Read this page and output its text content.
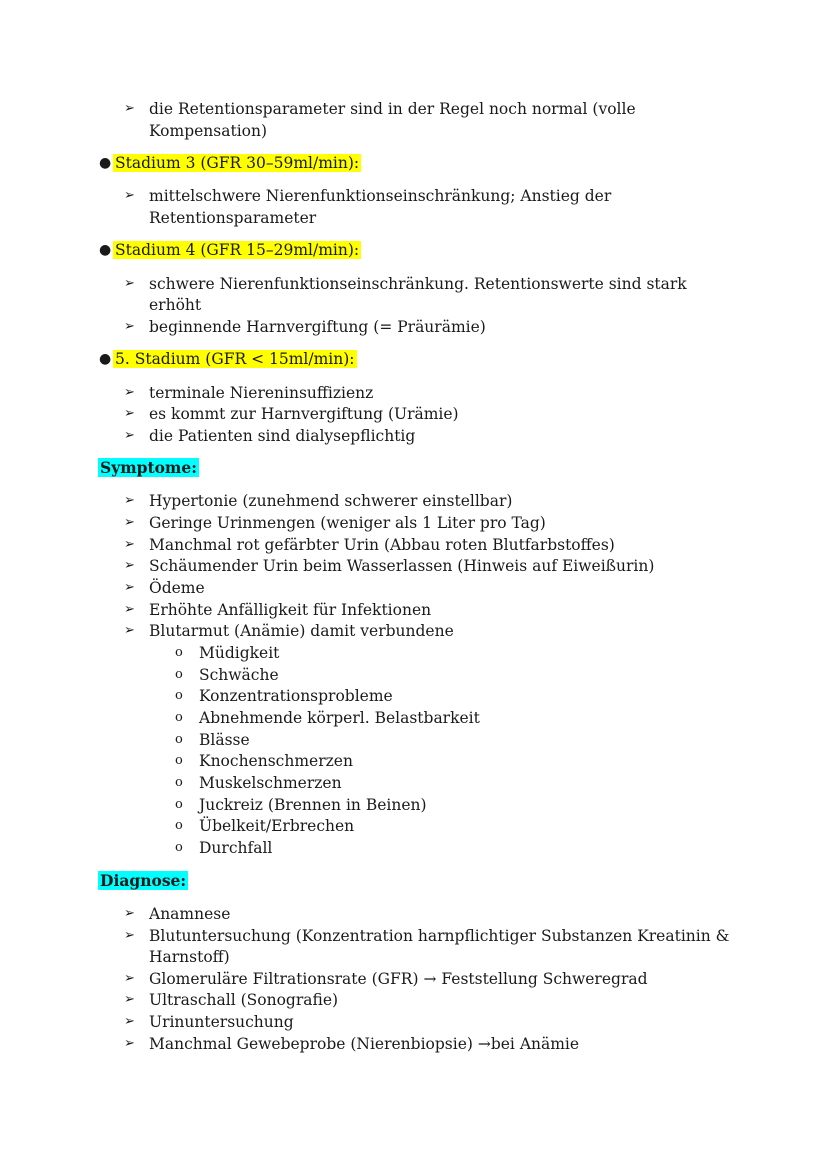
➢ die Retentionsparameter sind in der Regel noch normal (volle
Kompensation)
● Stadium 3 (GFR 30–59ml/min):
➢ mittelschwere Nierenfunktionseinschränkung; Anstieg der
Retentionsparameter
● Stadium 4 (GFR 15–29ml/min):
➢ schwere Nierenfunktionseinschränkung. Retentionswerte sind stark
erhöht
➢ beginnende Harnvergiftung (= Präurämie)
● 5. Stadium (GFR < 15ml/min):
➢ terminale Niereninsuffizienz
➢ es kommt zur Harnvergiftung (Urämie)
➢ die Patienten sind dialysepflichtig
Symptome:
➢ Hypertonie (zunehmend schwerer einstellbar)
➢ Geringe Urinmengen (weniger als 1 Liter pro Tag)
➢ Manchmal rot gefärbter Urin (Abbau roten Blutfarbstoffes)
➢ Schäumender Urin beim Wasserlassen (Hinweis auf Eiweißurin)
➢ Ödeme
➢ Erhöhte Anfälligkeit für Infektionen
➢ Blutarmut (Anämie) damit verbundene
o Müdigkeit
o Schwäche
o Konzentrationsprobleme
o Abnehmende körperl. Belastbarkeit
o Blässe
o Knochenschmerzen
o Muskelschmerzen
o Juckreiz (Brennen in Beinen)
o Übelkeit/Erbrechen
o Durchfall
Diagnose:
➢ Anamnese
➢ Blutuntersuchung (Konzentration harnpflichtiger Substanzen Kreatinin &
Harnstoff)
➢ Glomeruläre Filtrationsrate (GFR) → Feststellung Schweregrad
➢ Ultraschall (Sonografie)
➢ Urinuntersuchung
➢ Manchmal Gewebeprobe (Nierenbiopsie) →bei Anämie
